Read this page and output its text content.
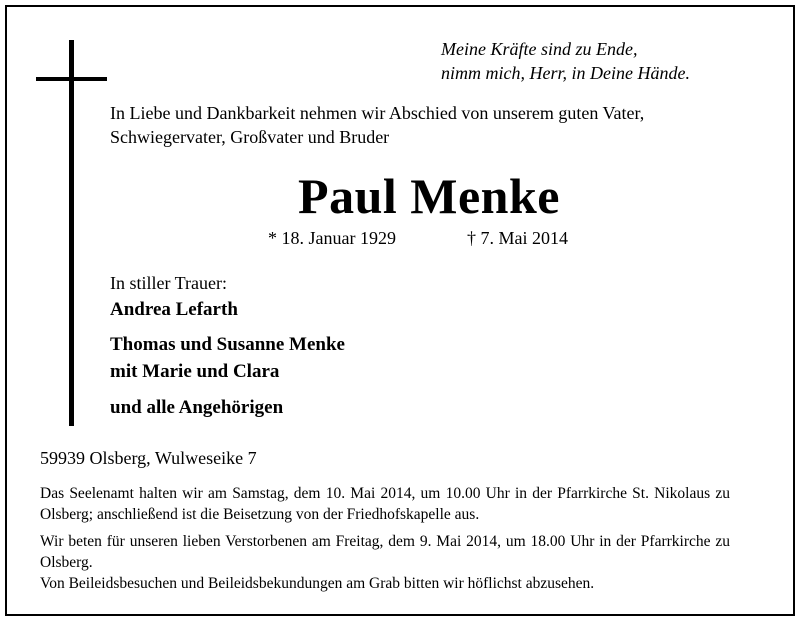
Meine Kräfte sind zu Ende,
nimm mich, Herr, in Deine Hände.
In Liebe und Dankbarkeit nehmen wir Abschied von unserem guten Vater,
Schwiegervater, Großvater und Bruder
Paul Menke
* 18. Januar 1929	† 7. Mai 2014
In stiller Trauer:
Andrea Lefarth
Thomas und Susanne Menke
mit Marie und Clara
und alle Angehörigen
59939 Olsberg, Wulweseike 7
Das Seelenamt halten wir am Samstag, dem 10. Mai 2014, um 10.00 Uhr in der Pfarrkirche St. Nikolaus zu Olsberg; anschließend ist die Beisetzung von der Friedhofskapelle aus.
Wir beten für unseren lieben Verstorbenen am Freitag, dem 9. Mai 2014, um 18.00 Uhr in der Pfarrkirche zu Olsberg.
Von Beileidsbesuchen und Beileidsbekundungen am Grab bitten wir höflichst abzusehen.
